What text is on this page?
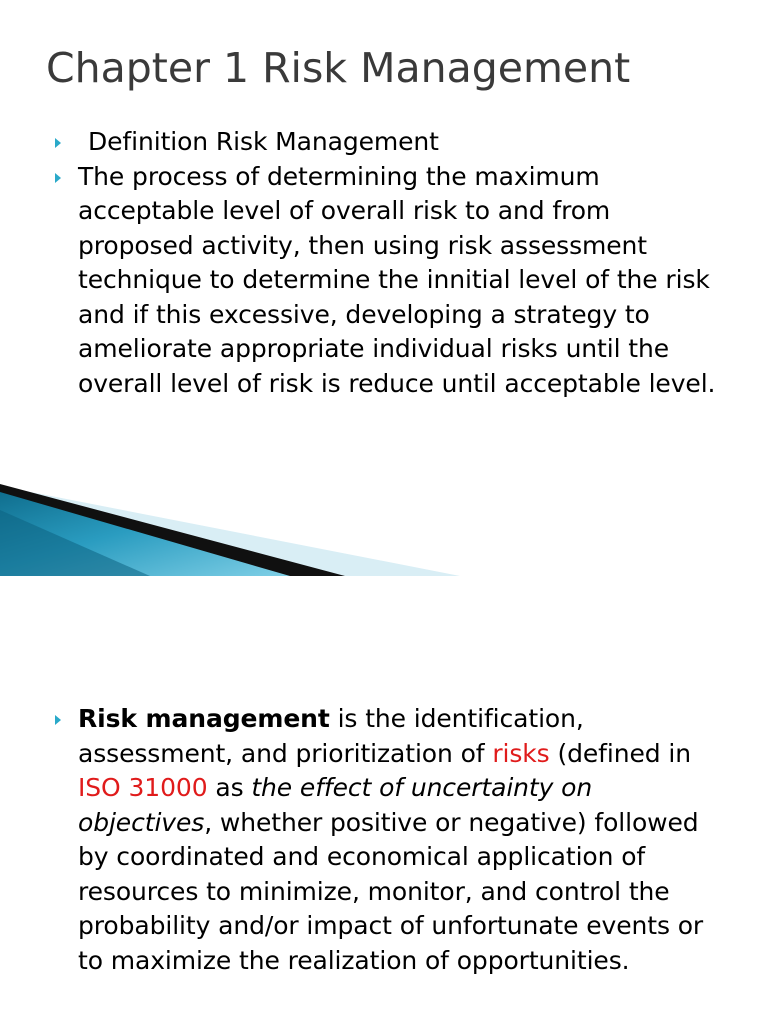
Chapter 1 Risk Management
Definition Risk Management
The process of determining the maximum acceptable level of overall risk to and from proposed activity, then using risk assessment technique to determine the innitial level of the risk and if this excessive, developing a strategy to ameliorate appropriate individual risks until the overall level of risk is reduce until acceptable level.
Risk management is the identification, assessment, and prioritization of risks (defined in ISO 31000 as the effect of uncertainty on objectives, whether positive or negative) followed by coordinated and economical application of resources to minimize, monitor, and control the probability and/or impact of unfortunate events or to maximize the realization of opportunities.
